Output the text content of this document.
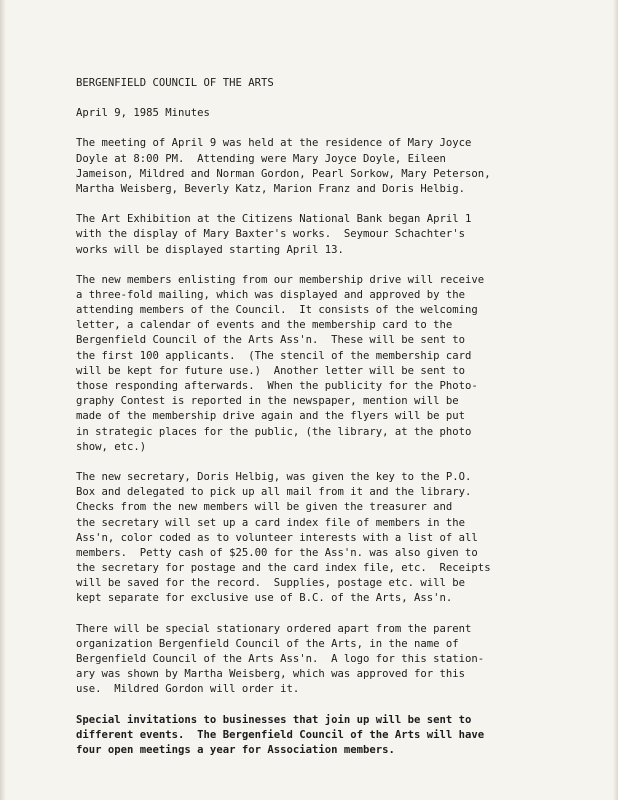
BERGENFIELD COUNCIL OF THE ARTS
April 9, 1985 Minutes
The meeting of April 9 was held at the residence of Mary Joyce
Doyle at 8:00 PM.  Attending were Mary Joyce Doyle, Eileen
Jameison, Mildred and Norman Gordon, Pearl Sorkow, Mary Peterson,
Martha Weisberg, Beverly Katz, Marion Franz and Doris Helbig.
The Art Exhibition at the Citizens National Bank began April 1
with the display of Mary Baxter's works.  Seymour Schachter's
works will be displayed starting April 13.
The new members enlisting from our membership drive will receive
a three-fold mailing, which was displayed and approved by the
attending members of the Council.  It consists of the welcoming
letter, a calendar of events and the membership card to the
Bergenfield Council of the Arts Ass'n.  These will be sent to
the first 100 applicants.  (The stencil of the membership card
will be kept for future use.)  Another letter will be sent to
those responding afterwards.  When the publicity for the Photo-
graphy Contest is reported in the newspaper, mention will be
made of the membership drive again and the flyers will be put
in strategic places for the public, (the library, at the photo
show, etc.)
The new secretary, Doris Helbig, was given the key to the P.O.
Box and delegated to pick up all mail from it and the library.
Checks from the new members will be given the treasurer and
the secretary will set up a card index file of members in the
Ass'n, color coded as to volunteer interests with a list of all
members.  Petty cash of $25.00 for the Ass'n. was also given to
the secretary for postage and the card index file, etc.  Receipts
will be saved for the record.  Supplies, postage etc. will be
kept separate for exclusive use of B.C. of the Arts, Ass'n.
There will be special stationary ordered apart from the parent
organization Bergenfield Council of the Arts, in the name of
Bergenfield Council of the Arts Ass'n.  A logo for this station-
ary was shown by Martha Weisberg, which was approved for this
use.  Mildred Gordon will order it.
Special invitations to businesses that join up will be sent to
different events.  The Bergenfield Council of the Arts will have
four open meetings a year for Association members.
